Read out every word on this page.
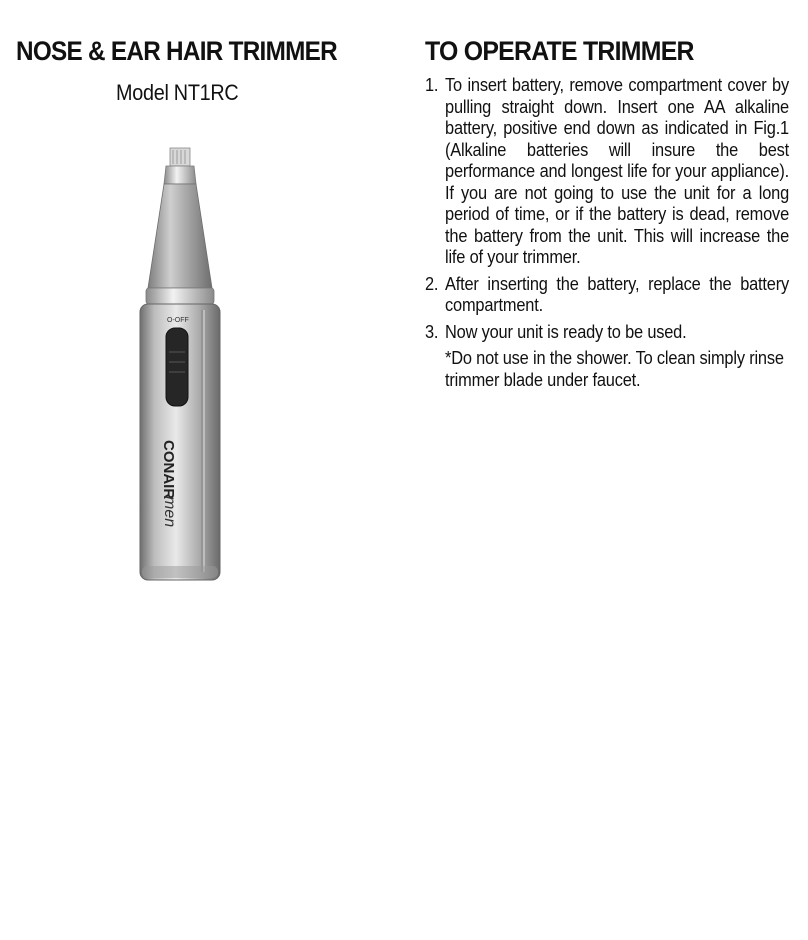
NOSE & EAR HAIR TRIMMER
Model NT1RC
O-OFF
CONAIR
men
TO OPERATE TRIMMER
1. To insert battery, remove compartment cover by pulling straight down. Insert one AA alkaline battery, positive end down as indicated in Fig.1 (Alkaline batteries will insure the best performance and longest life for your appliance). If you are not going to use the unit for a long period of time, or if the battery is dead, remove the battery from the unit. This will increase the life of your trimmer.
2. After inserting the battery, replace the battery compartment.
3. Now your unit is ready to be used.
*Do not use in the shower. To clean simply rinse trimmer blade under faucet.
